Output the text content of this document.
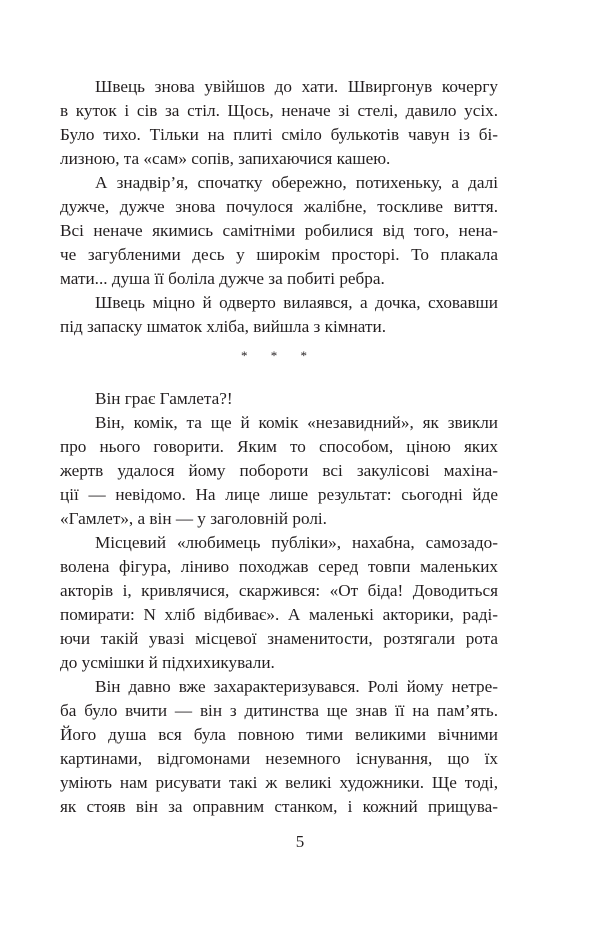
Швець знова увійшов до хати. Швиргонув кочергу
в куток і сів за стіл. Щось, неначе зі стелі, давило усіх.
Було тихо. Тільки на плиті сміло булькотів чавун із бі-
лизною, та «сам» сопів, запихаючися кашею.
А знадвір’я, спочатку обережно, потихеньку, а далі
дужче, дужче знова почулося жалібне, тоскливе виття.
Всі неначе якимись самітніми робилися від того, нена-
че загубленими десь у широкім просторі. То плакала
мати... душа її боліла дужче за побиті ребра.
Швець міцно й одверто вилаявся, а дочка, сховавши
під запаску шматок хліба, вийшла з кімнати.
* * *
Він грає Гамлета?!
Він, комік, та ще й комік «незавидний», як звикли
про нього говорити. Яким то способом, ціною яких
жертв удалося йому побороти всі закулісові махіна-
ції — невідомо. На лице лише результат: сьогодні йде
«Гамлет», а він — у заголовній ролі.
Місцевий «любимець публіки», нахабна, самозадо-
волена фігура, ліниво походжав серед товпи маленьких
акторів і, кривлячися, скаржився: «От біда! Доводиться
помирати: N хліб відбиває». А маленькі акторики, раді-
ючи такій увазі місцевої знаменитости, розтягали рота
до усмішки й підхихикували.
Він давно вже захарактеризувався. Ролі йому нетре-
ба було вчити — він з дитинства ще знав її на пам’ять.
Його душа вся була повною тими великими вічними
картинами, відгомонами неземного існування, що їх
уміють нам рисувати такі ж великі художники. Ще тоді,
як стояв він за оправним станком, і кожний прищува-
5
